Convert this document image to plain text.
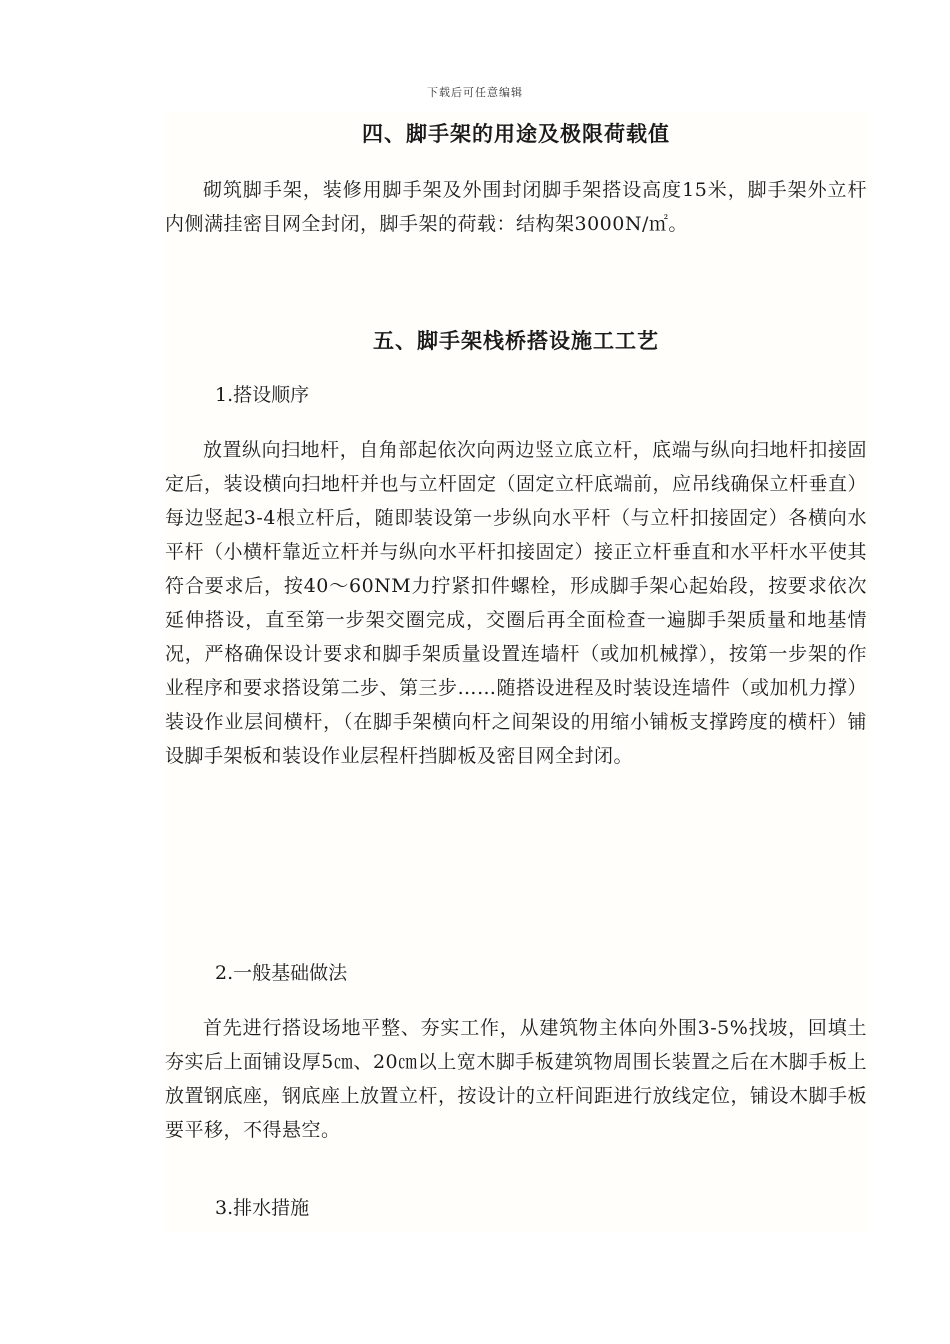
下载后可任意编辑
四、脚手架的用途及极限荷载值

砌筑脚手架，装修用脚手架及外围封闭脚手架搭设高度15米，脚手架外立杆内侧满挂密目网全封闭，脚手架的荷载：结构架3000N/㎡。

五、脚手架栈桥搭设施工工艺
1.搭设顺序

放置纵向扫地杆，自角部起依次向两边竖立底立杆，底端与纵向扫地杆扣接固定后，装设横向扫地杆并也与立杆固定（固定立杆底端前，应吊线确保立杆垂直）每边竖起3-4根立杆后，随即装设第一步纵向水平杆（与立杆扣接固定）各横向水平杆（小横杆靠近立杆并与纵向水平杆扣接固定）接正立杆垂直和水平杆水平使其符合要求后，按40～60NM力拧紧扣件螺栓，形成脚手架心起始段，按要求依次延伸搭设，直至第一步架交圈完成，交圈后再全面检查一遍脚手架质量和地基情况，严格确保设计要求和脚手架质量设置连墙杆（或加机械撑），按第一步架的作业程序和要求搭设第二步、第三步……随搭设进程及时装设连墙件（或加机力撑）装设作业层间横杆，（在脚手架横向杆之间架设的用缩小铺板支撑跨度的横杆）铺设脚手架板和装设作业层程杆挡脚板及密目网全封闭。

2.一般基础做法

首先进行搭设场地平整、夯实工作，从建筑物主体向外围3-5%找坡，回填土夯实后上面铺设厚5㎝、20㎝以上宽木脚手板建筑物周围长装置之后在木脚手板上放置钢底座，钢底座上放置立杆，按设计的立杆间距进行放线定位，铺设木脚手板要平移，不得悬空。

3.排水措施
